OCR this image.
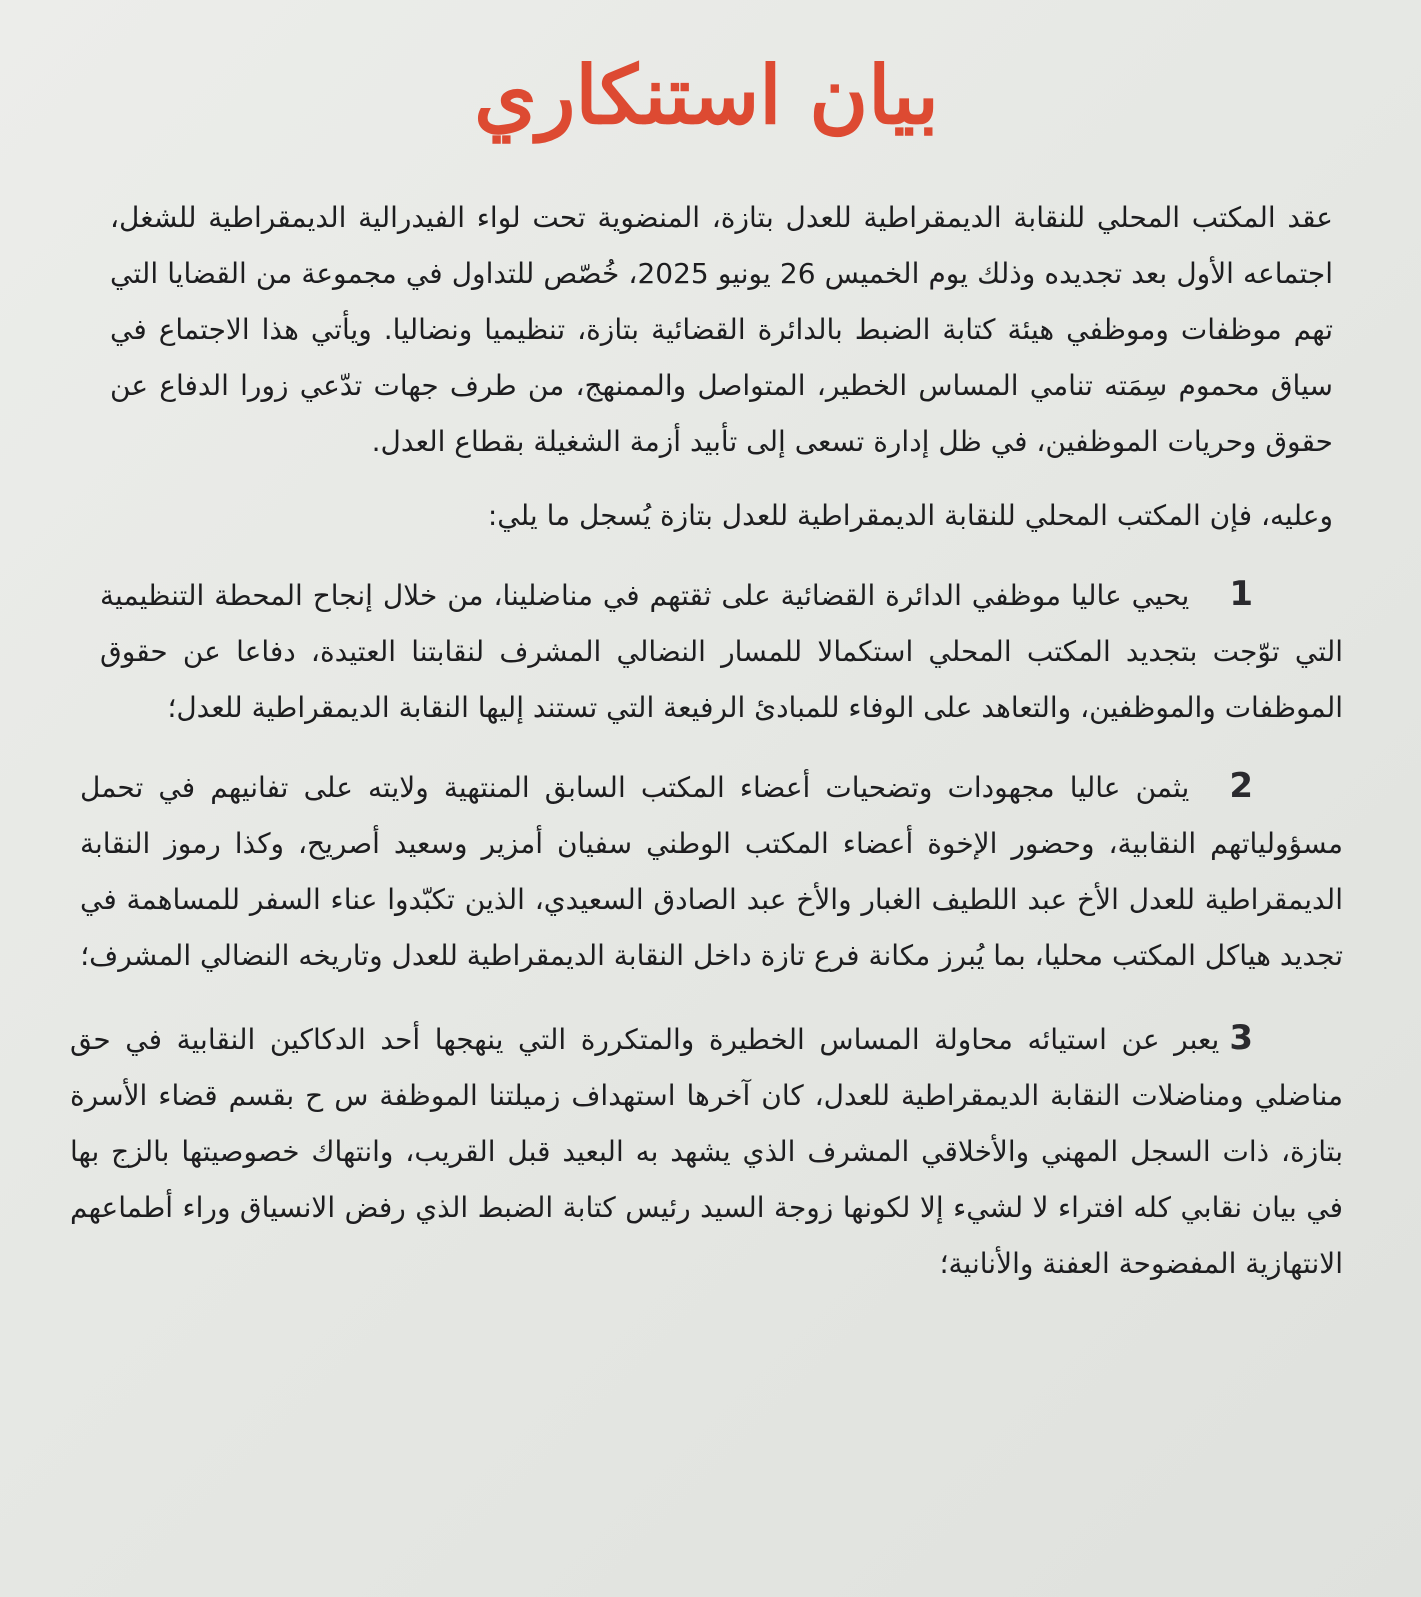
بيان استنكاري

عقد المكتب المحلي للنقابة الديمقراطية للعدل بتازة، المنضوية تحت لواء الفيدرالية الديمقراطية للشغل، اجتماعه الأول بعد تجديده وذلك يوم الخميس 26 يونيو 2025، خُصّص للتداول في مجموعة من القضايا التي تهم موظفات وموظفي هيئة كتابة الضبط بالدائرة القضائية بتازة، تنظيميا ونضاليا. ويأتي هذا الاجتماع في سياق محموم سِمَته تنامي المساس الخطير، المتواصل والممنهج، من طرف جهات تدّعي زورا الدفاع عن حقوق وحريات الموظفين، في ظل إدارة تسعى إلى تأبيد أزمة الشغيلة بقطاع العدل.

وعليه، فإن المكتب المحلي للنقابة الديمقراطية للعدل بتازة يُسجل ما يلي:

1يحيي عاليا موظفي الدائرة القضائية على ثقتهم في مناضلينا، من خلال إنجاح المحطة التنظيمية التي توّجت بتجديد المكتب المحلي استكمالا للمسار النضالي المشرف لنقابتنا العتيدة، دفاعا عن حقوق الموظفات والموظفين، والتعاهد على الوفاء للمبادئ الرفيعة التي تستند إليها النقابة الديمقراطية للعدل؛

2يثمن عاليا مجهودات وتضحيات أعضاء المكتب السابق المنتهية ولايته على تفانيهم في تحمل مسؤولياتهم النقابية، وحضور الإخوة أعضاء المكتب الوطني سفيان أمزير وسعيد أصريح، وكذا رموز النقابة الديمقراطية للعدل الأخ عبد اللطيف الغبار والأخ عبد الصادق السعيدي، الذين تكبّدوا عناء السفر للمساهمة في تجديد هياكل المكتب محليا، بما يُبرز مكانة فرع تازة داخل النقابة الديمقراطية للعدل وتاريخه النضالي المشرف؛

3يعبر عن استيائه محاولة المساس الخطيرة والمتكررة التي ينهجها أحد الدكاكين النقابية في حق مناضلي ومناضلات النقابة الديمقراطية للعدل، كان آخرها استهداف زميلتنا الموظفة س ح بقسم قضاء الأسرة بتازة، ذات السجل المهني والأخلاقي المشرف الذي يشهد به البعيد قبل القريب، وانتهاك خصوصيتها بالزج بها في بيان نقابي كله افتراء لا لشيء إلا لكونها زوجة السيد رئيس كتابة الضبط الذي رفض الانسياق وراء أطماعهم الانتهازية المفضوحة العفنة والأنانية؛
